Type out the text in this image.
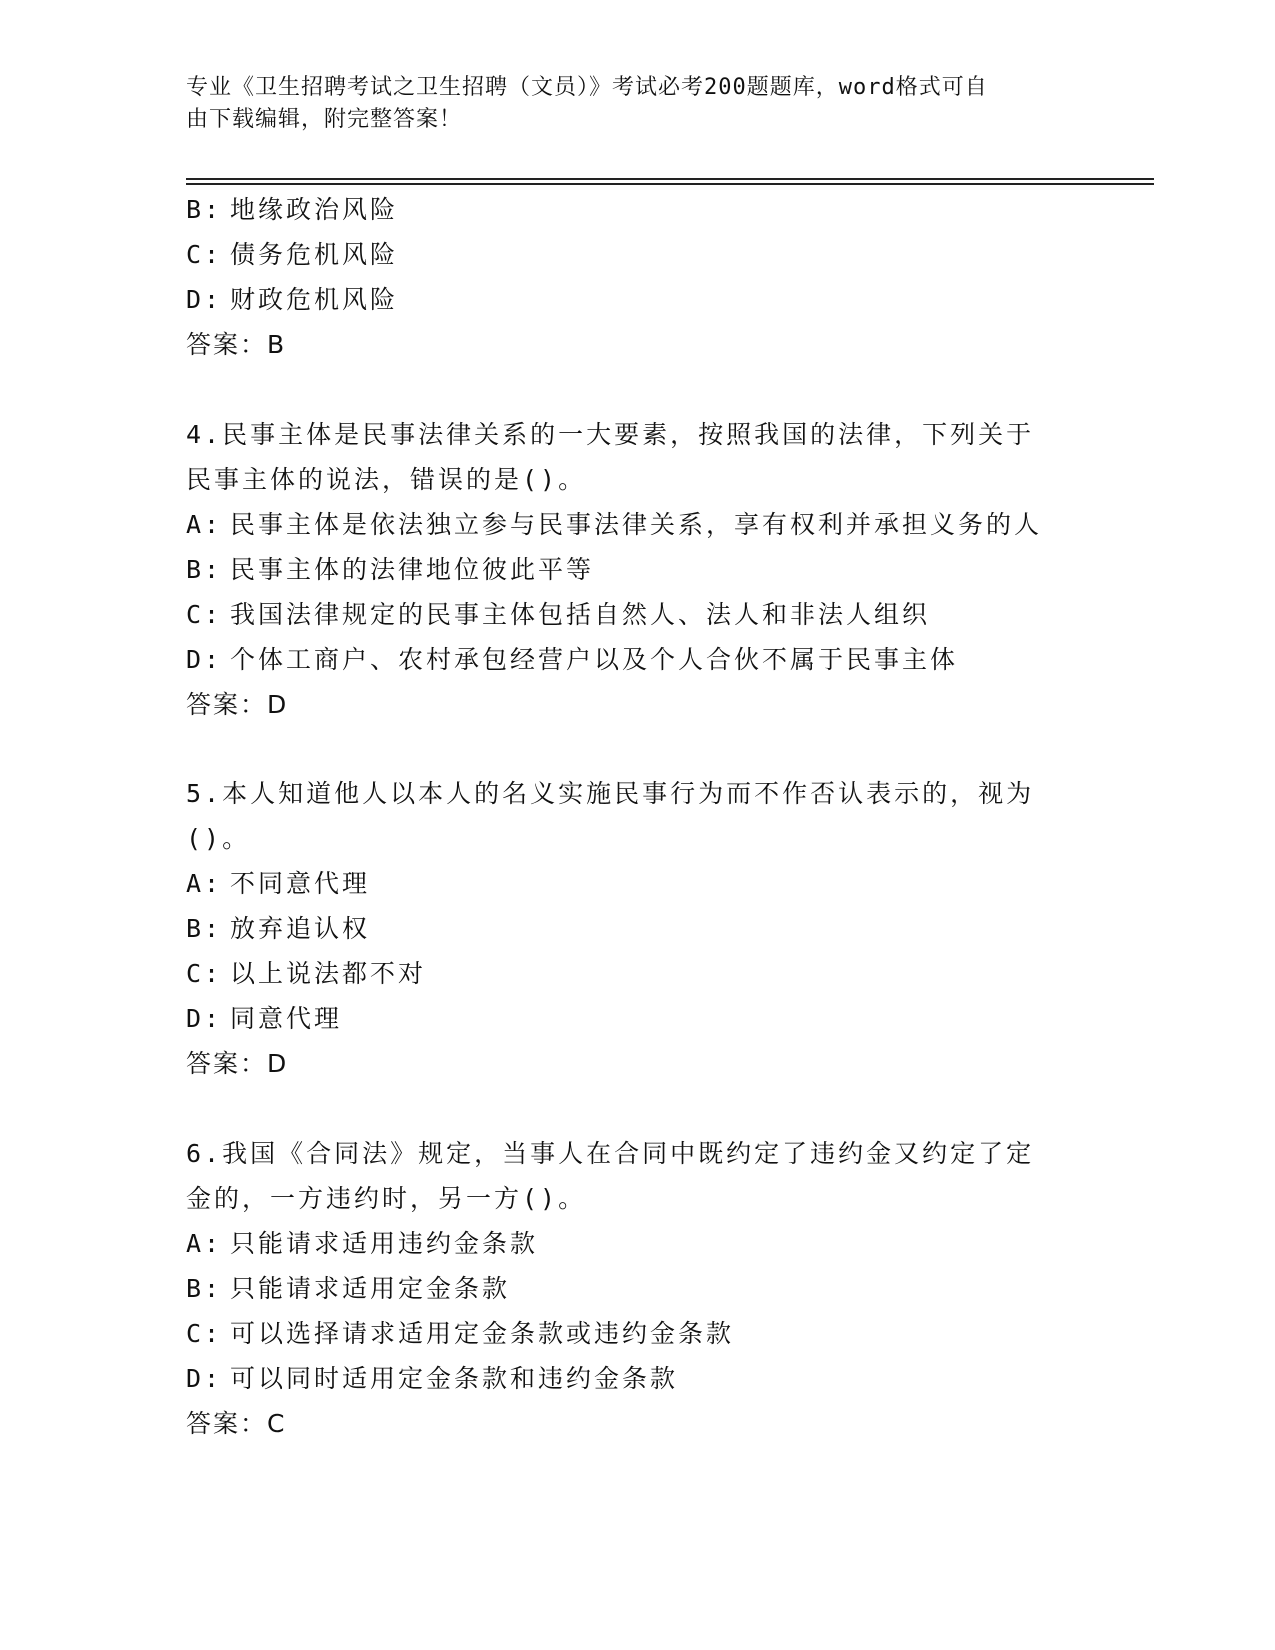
专业《卫生招聘考试之卫生招聘（文员）》考试必考200题题库，word格式可自
由下载编辑，附完整答案！
B: 地缘政治风险
C: 债务危机风险
D: 财政危机风险
答案：B
4.民事主体是民事法律关系的一大要素，按照我国的法律，下列关于
民事主体的说法，错误的是()。
A: 民事主体是依法独立参与民事法律关系，享有权利并承担义务的人
B: 民事主体的法律地位彼此平等
C: 我国法律规定的民事主体包括自然人、法人和非法人组织
D: 个体工商户、农村承包经营户以及个人合伙不属于民事主体
答案：D
5.本人知道他人以本人的名义实施民事行为而不作否认表示的，视为
()。
A: 不同意代理
B: 放弃追认权
C: 以上说法都不对
D: 同意代理
答案：D
6.我国《合同法》规定，当事人在合同中既约定了违约金又约定了定
金的，一方违约时，另一方()。
A: 只能请求适用违约金条款
B: 只能请求适用定金条款
C: 可以选择请求适用定金条款或违约金条款
D: 可以同时适用定金条款和违约金条款
答案：C
